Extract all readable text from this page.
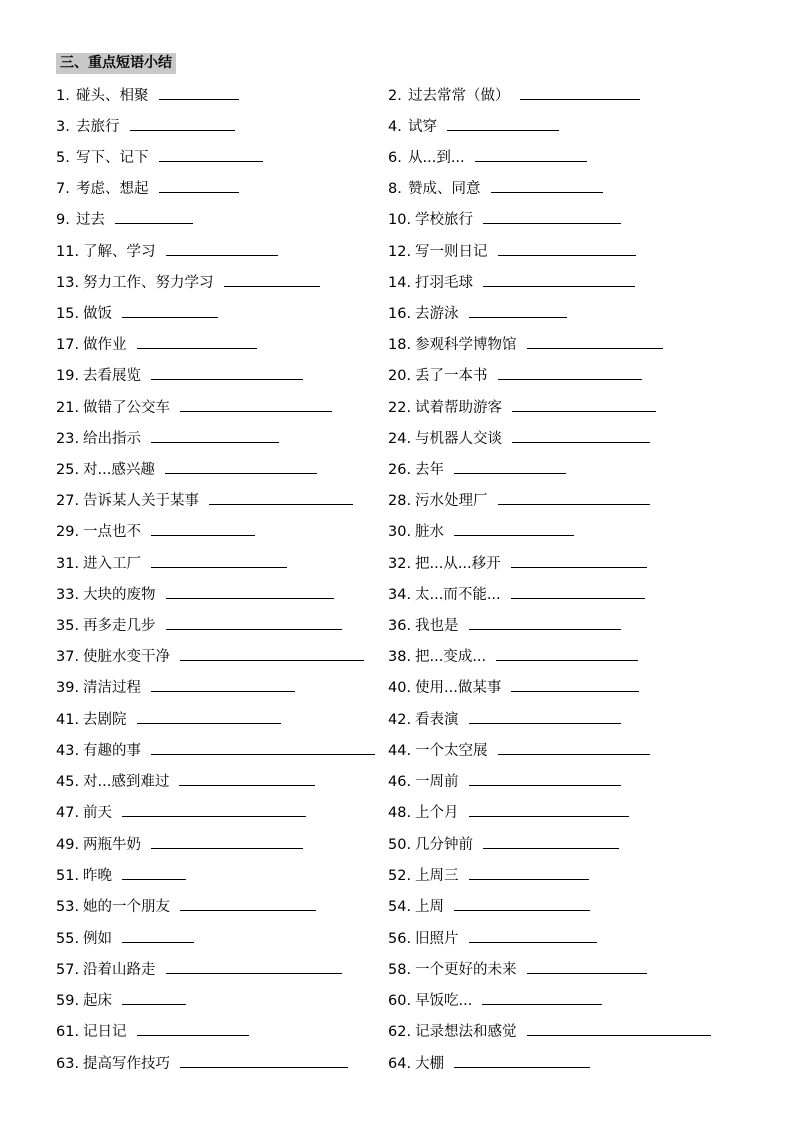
三、重点短语小结
1. 碰头、相聚	2. 过去常常（做）
3. 去旅行	4. 试穿
5. 写下、记下	6. 从...到...
7. 考虑、想起	8. 赞成、同意
9. 过去	10. 学校旅行
11. 了解、学习	12. 写一则日记
13. 努力工作、努力学习	14. 打羽毛球
15. 做饭	16. 去游泳
17. 做作业	18. 参观科学博物馆
19. 去看展览	20. 丢了一本书
21. 做错了公交车	22. 试着帮助游客
23. 给出指示	24. 与机器人交谈
25. 对...感兴趣	26. 去年
27. 告诉某人关于某事	28. 污水处理厂
29. 一点也不	30. 脏水
31. 进入工厂	32. 把...从...移开
33. 大块的废物	34. 太...而不能...
35. 再多走几步	36. 我也是
37. 使脏水变干净	38. 把...变成...
39. 清洁过程	40. 使用...做某事
41. 去剧院	42. 看表演
43. 有趣的事	44. 一个太空展
45. 对...感到难过	46. 一周前
47. 前天	48. 上个月
49. 两瓶牛奶	50. 几分钟前
51. 昨晚	52. 上周三
53. 她的一个朋友	54. 上周
55. 例如	56. 旧照片
57. 沿着山路走	58. 一个更好的未来
59. 起床	60. 早饭吃...
61. 记日记	62. 记录想法和感觉
63. 提高写作技巧	64. 大棚
